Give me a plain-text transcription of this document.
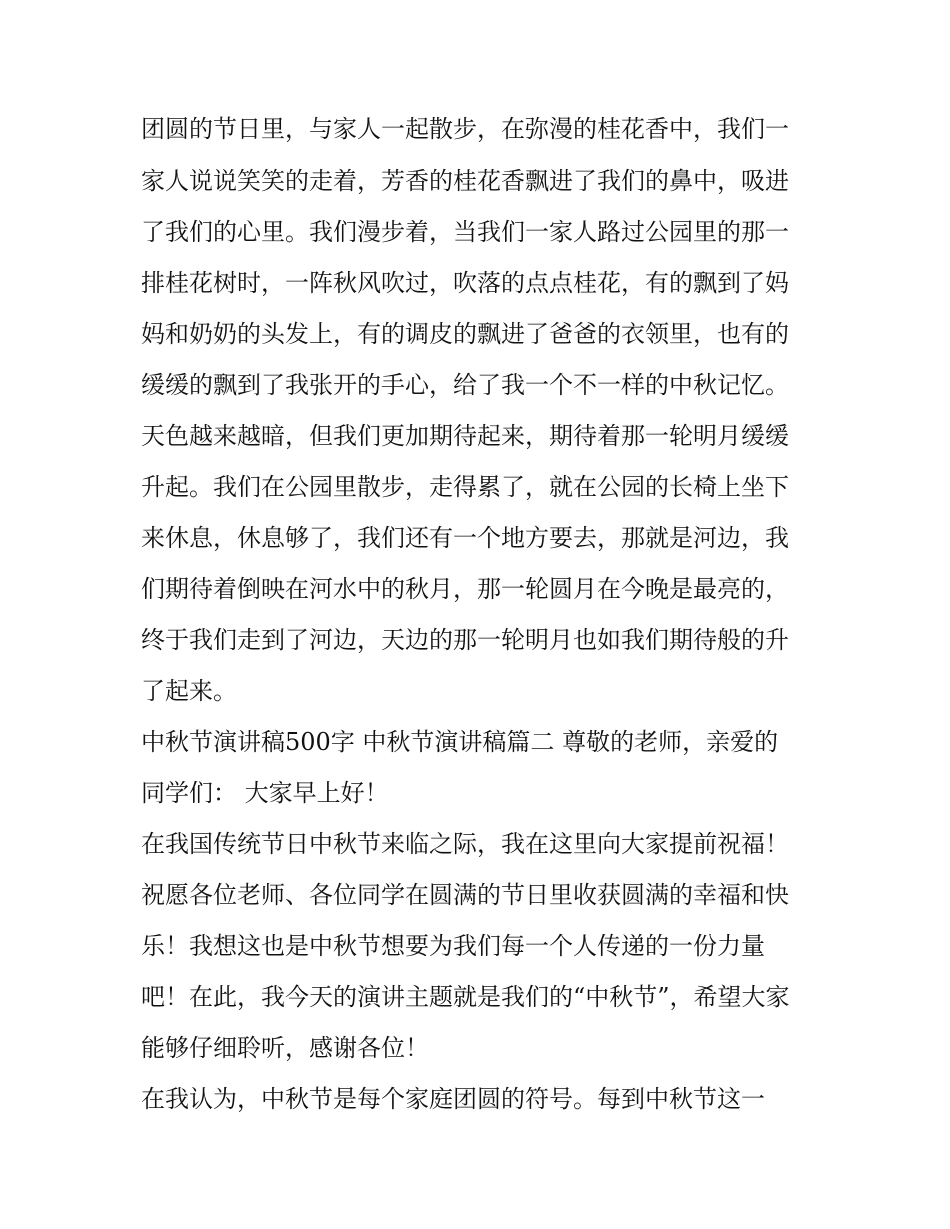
团圆的节日里，与家人一起散步，在弥漫的桂花香中，我们一
家人说说笑笑的走着，芳香的桂花香飘进了我们的鼻中，吸进
了我们的心里。我们漫步着，当我们一家人路过公园里的那一
排桂花树时，一阵秋风吹过，吹落的点点桂花，有的飘到了妈
妈和奶奶的头发上，有的调皮的飘进了爸爸的衣领里，也有的
缓缓的飘到了我张开的手心，给了我一个不一样的中秋记忆。
天色越来越暗，但我们更加期待起来，期待着那一轮明月缓缓
升起。我们在公园里散步，走得累了，就在公园的长椅上坐下
来休息，休息够了，我们还有一个地方要去，那就是河边，我
们期待着倒映在河水中的秋月，那一轮圆月在今晚是最亮的，
终于我们走到了河边，天边的那一轮明月也如我们期待般的升
了起来。
中秋节演讲稿500字 中秋节演讲稿篇二 尊敬的老师，亲爱的
同学们： 大家早上好！
在我国传统节日中秋节来临之际，我在这里向大家提前祝福！
祝愿各位老师、各位同学在圆满的节日里收获圆满的幸福和快
乐！我想这也是中秋节想要为我们每一个人传递的一份力量
吧！在此，我今天的演讲主题就是我们的“中秋节”，希望大家
能够仔细聆听，感谢各位！
在我认为，中秋节是每个家庭团圆的符号。每到中秋节这一
